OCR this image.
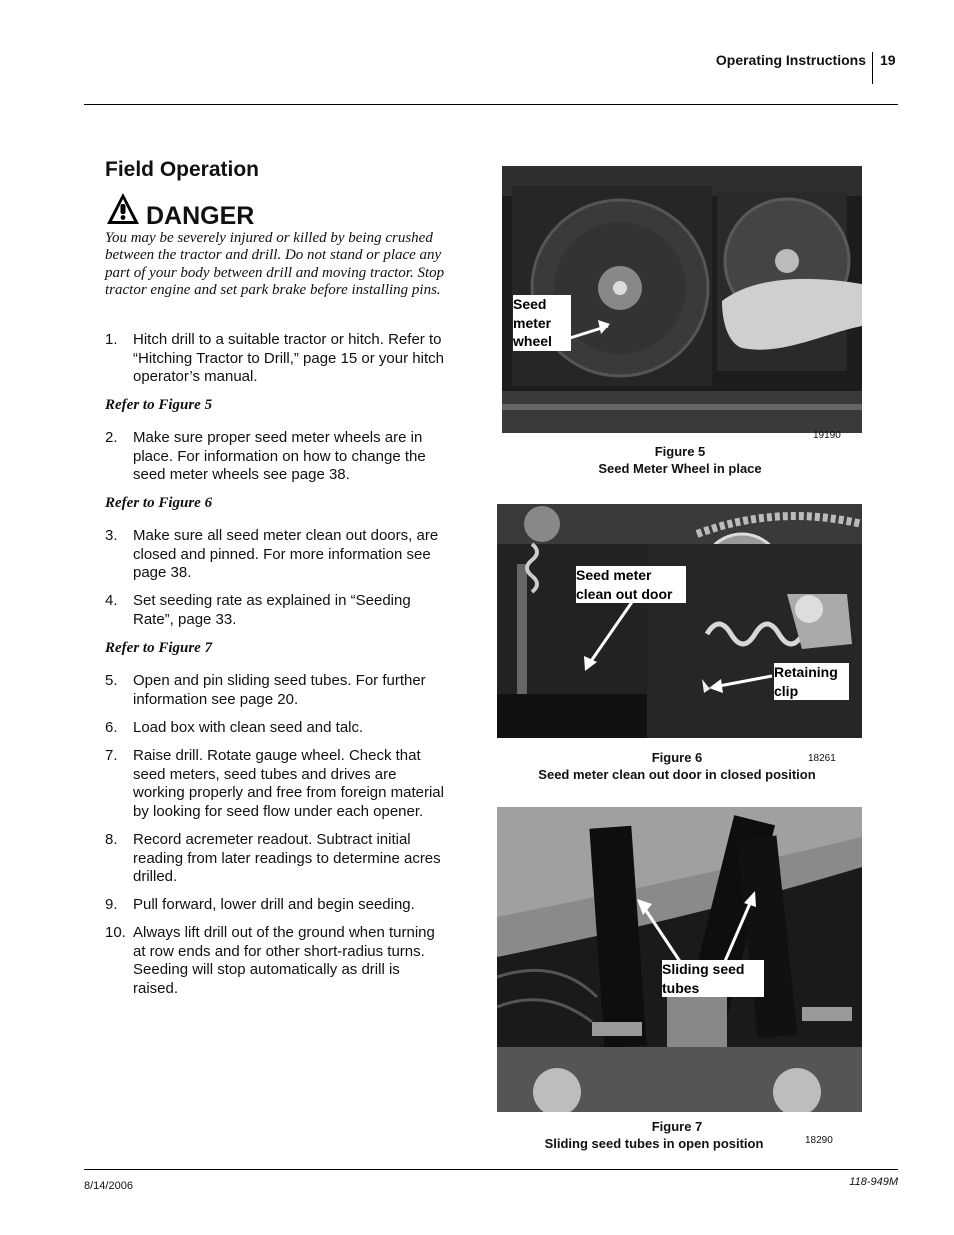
Operating Instructions 19
Field Operation
DANGER
You may be severely injured or killed by being crushed between the tractor and drill. Do not stand or place any part of your body between drill and moving tractor. Stop tractor engine and set park brake before installing pins.
1. Hitch drill to a suitable tractor or hitch. Refer to “Hitching Tractor to Drill,” page 15 or your hitch operator’s manual.
Refer to Figure 5
2. Make sure proper seed meter wheels are in place. For information on how to change the seed meter wheels see page 38.
Refer to Figure 6
3. Make sure all seed meter clean out doors, are closed and pinned. For more information see page 38.
4. Set seeding rate as explained in “Seeding Rate”, page 33.
Refer to Figure 7
5. Open and pin sliding seed tubes. For further information see page 20.
6. Load box with clean seed and talc.
7. Raise drill. Rotate gauge wheel. Check that seed meters, seed tubes and drives are working properly and free from foreign material by looking for seed flow under each opener.
8. Record acremeter readout. Subtract initial reading from later readings to determine acres drilled.
9. Pull forward, lower drill and begin seeding.
10. Always lift drill out of the ground when turning at row ends and for other short-radius turns. Seeding will stop automatically as drill is raised.
Seed meter wheel
19190
Figure 5
Seed Meter Wheel in place
Seed meter clean out door
Retaining clip
Figure 6	18261
Seed meter clean out door in closed position
Sliding seed tubes
Figure 7
Sliding seed tubes in open position	18290
8/14/2006	118-949M
